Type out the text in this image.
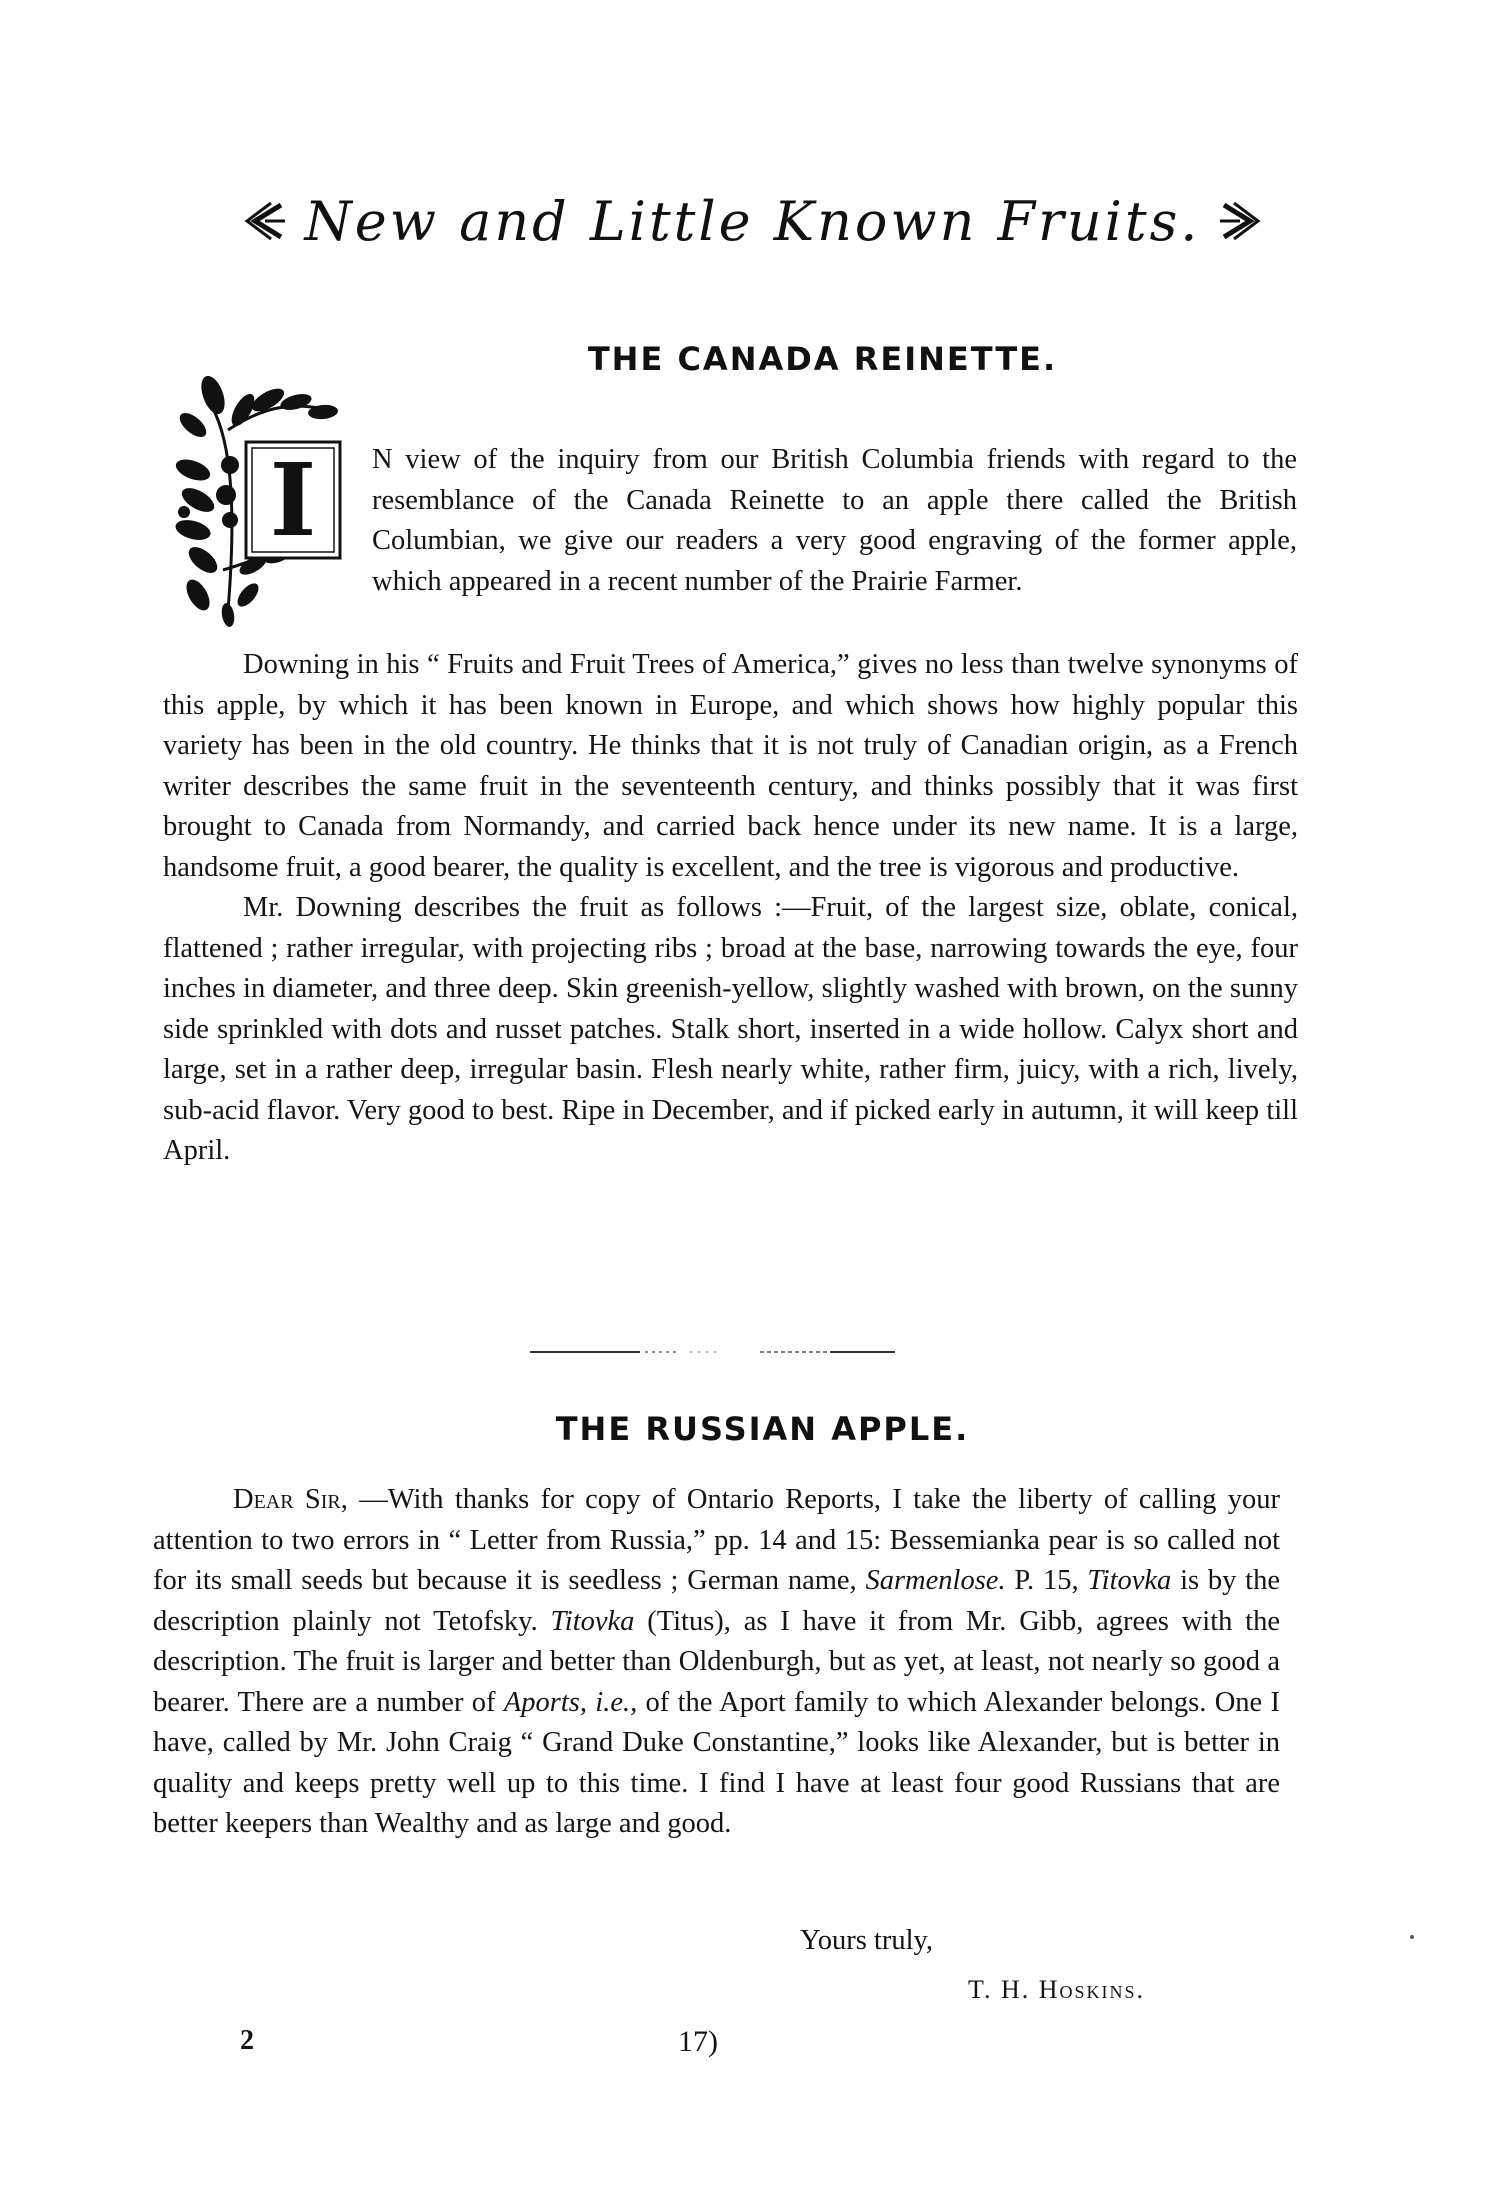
New and Little Known Fruits.
THE CANADA REINETTE.
I	N view of the inquiry from our British Columbia friends with regard to the resemblance of the Canada Reinette to an apple there called the British Columbian, we give our readers a very good engraving of the former apple, which appeared in a recent number of the Prairie Farmer.

Downing in his “ Fruits and Fruit Trees of America,” gives no less than twelve synonyms of this apple, by which it has been known in Europe, and which shows how highly popular this variety has been in the old country. He thinks that it is not truly of Canadian origin, as a French writer describes the same fruit in the seventeenth century, and thinks possibly that it was first brought to Canada from Normandy, and carried back hence under its new name. It is a large, handsome fruit, a good bearer, the quality is excellent, and the tree is vigorous and productive.

Mr. Downing describes the fruit as follows :—Fruit, of the largest size, oblate, conical, flattened ; rather irregular, with projecting ribs ; broad at the base, narrowing towards the eye, four inches in diameter, and three deep. Skin greenish-yellow, slightly washed with brown, on the sunny side sprinkled with dots and russet patches. Stalk short, inserted in a wide hollow. Calyx short and large, set in a rather deep, irregular basin. Flesh nearly white, rather firm, juicy, with a rich, lively, sub-acid flavor. Very good to best. Ripe in December, and if picked early in autumn, it will keep till April.

THE RUSSIAN APPLE.

Dear Sir, —With thanks for copy of Ontario Reports, I take the liberty of calling your attention to two errors in “ Letter from Russia,” pp. 14 and 15: Bessemianka pear is so called not for its small seeds but because it is seedless ; German name, Sarmenlose. P. 15, Titovka is by the description plainly not Tetofsky. Titovka (Titus), as I have it from Mr. Gibb, agrees with the description. The fruit is larger and better than Oldenburgh, but as yet, at least, not nearly so good a bearer. There are a number of Aports, i.e., of the Aport family to which Alexander belongs. One I have, called by Mr. John Craig “ Grand Duke Constantine,” looks like Alexander, but is better in quality and keeps pretty well up to this time. I find I have at least four good Russians that are better keepers than Wealthy and as large and good.

Yours truly,
T. H. Hoskins.
2	17)
